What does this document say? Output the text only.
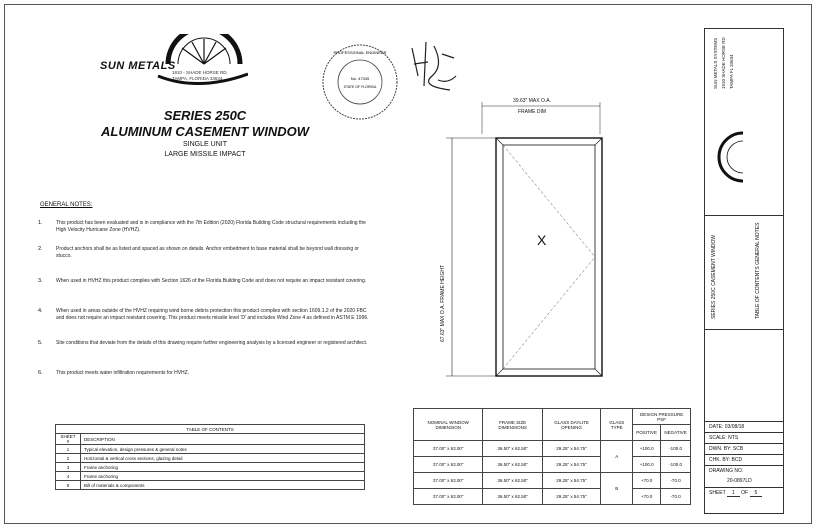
SUN METALS
1910 - SHADE HORSE RD.
TAMPA, FLORIDA 33634
SERIES 250C
ALUMINUM CASEMENT WINDOW
SINGLE UNIT
LARGE MISSILE IMPACT
No. 47345
STATE OF FLORIDA
PROFESSIONAL ENGINEER
GENERAL NOTES:
1.	This product has been evaluated and is in compliance with the 7th Edition (2020) Florida Building Code structural requirements including the High Velocity Hurricane Zone (HVHZ).
2.	Product anchors shall be as listed and spaced as shown on details. Anchor embedment to base material shall be beyond wall dressing or stucco.
3.	When used in HVHZ this product complies with Section 1626 of the Florida Building Code and does not require an impact resistant covering.
4.	When used in areas outside of the HVHZ requiring wind borne debris protection this product complies with section 1609.1.2 of the 2020 FBC and does not require an impact resistant covering. This product meets missile level 'D' and includes Wind Zone 4 as defined in ASTM E 1996.
5.	Site conditions that deviate from the details of this drawing require further engineering analysis by a licensed engineer or registered architect.
6.	This product meets water infiltration requirements for HVHZ.
TABLE OF CONTENTS	
SHEET #	DESCRIPTION
1	Typical elevation, design pressures & general notes
2	Horizontal & vertical cross sections, glazing detail
3	Frame anchoring
4	Frame anchoring
5	Bill of materials & components
39.63" MAX O.A.
FRAME DIM
67.63" MAX O.A. FRAME HEIGHT
X
NOMINAL WINDOW DIMENSION	FRAME SIZE DIMENSIONS	GLASS DAYLITE OPENING	GLASS TYPE	DESIGN PRESSURE PSF	
				POSITIVE	NEGATIVE
37.00" x 63.00"	36.50" x 62.50"	29.25" x 54.75"	A	+100.0	-100.0
37.00" x 63.00"	36.50" x 62.50"	29.25" x 54.75"		+100.0	-100.0
37.00" x 63.00"	36.50" x 62.50"	29.25" x 54.75"	B	+70.0	-70.0
37.00" x 63.00"	36.50" x 62.50"	29.25" x 54.75"		+70.0	-70.0
SUN METALS SYSTEMS 1910 SHADE HORSE RD TAMPA FL 33634
SERIES 250C CASEMENT WINDOW	TABLE OF CONTENTS GENERAL NOTES
DATE: 03/08/18
SCALE: NTS
DWN. BY: SCB
CHK. BY: BCD
DRAWING NO.
20-0897LD
SHEET 1 OF 5
